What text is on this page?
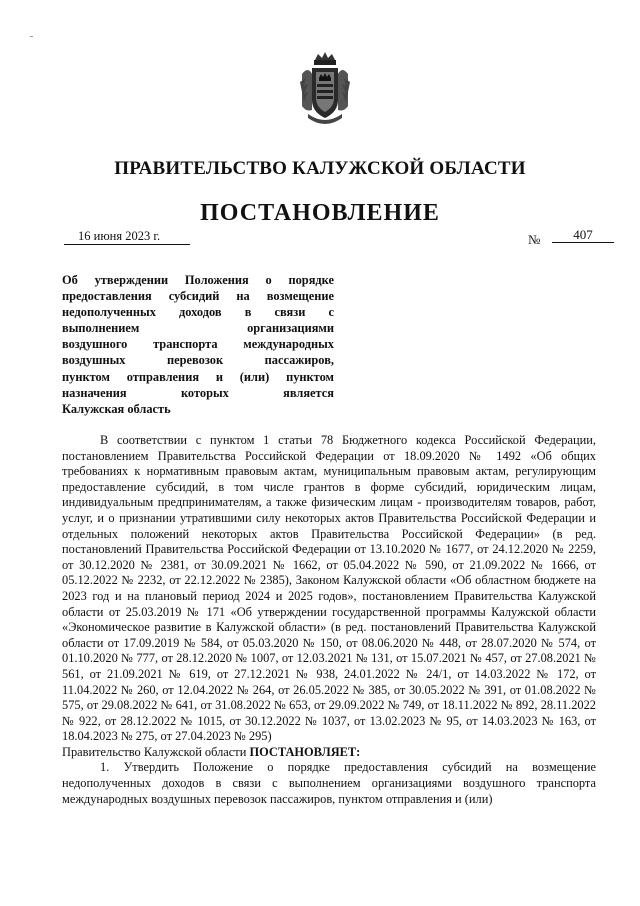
ПРАВИТЕЛЬСТВО КАЛУЖСКОЙ ОБЛАСТИ
ПОСТАНОВЛЕНИЕ
16 июня 2023 г.	№	407
Об утверждении Положения о порядке
предоставления субсидий на возмещение
недополученных доходов в связи с
выполнением организациями
воздушного транспорта международных
воздушных перевозок пассажиров,
пунктом отправления и (или) пунктом
назначения которых является
Калужская область

В соответствии с пунктом 1 статьи 78 Бюджетного кодекса Российской Федерации, постановлением Правительства Российской Федерации от 18.09.2020 № 1492 «Об общих требованиях к нормативным правовым актам, муниципальным правовым актам, регулирующим предоставление субсидий, в том числе грантов в форме субсидий, юридическим лицам, индивидуальным предпринимателям, а также физическим лицам - производителям товаров, работ, услуг, и о признании утратившими силу некоторых актов Правительства Российской Федерации и отдельных положений некоторых актов Правительства Российской Федерации» (в ред. постановлений Правительства Российской Федерации от 13.10.2020 № 1677, от 24.12.2020 № 2259, от 30.12.2020 № 2381, от 30.09.2021 № 1662, от 05.04.2022 № 590, от 21.09.2022 № 1666, от 05.12.2022 № 2232, от 22.12.2022 № 2385), Законом Калужской области «Об областном бюджете на 2023 год и на плановый период 2024 и 2025 годов», постановлением Правительства Калужской области от 25.03.2019 № 171 «Об утверждении государственной программы Калужской области «Экономическое развитие в Калужской области» (в ред. постановлений Правительства Калужской области от 17.09.2019 № 584, от 05.03.2020 № 150, от 08.06.2020 № 448, от 28.07.2020 № 574, от 01.10.2020 № 777, от 28.12.2020 № 1007, от 12.03.2021 № 131, от 15.07.2021 № 457, от 27.08.2021 № 561, от 21.09.2021 № 619, от 27.12.2021 № 938, 24.01.2022 № 24/1, от 14.03.2022 № 172, от 11.04.2022 № 260, от 12.04.2022 № 264, от 26.05.2022 № 385, от 30.05.2022 № 391, от 01.08.2022 № 575, от 29.08.2022 № 641, от 31.08.2022 № 653, от 29.09.2022 № 749, от 18.11.2022 № 892, 28.11.2022 № 922, от 28.12.2022 № 1015, от 30.12.2022 № 1037, от 13.02.2023 № 95, от 14.03.2023 № 163, от 18.04.2023 № 275, от 27.04.2023 № 295)

Правительство Калужской области ПОСТАНОВЛЯЕТ:

1. Утвердить Положение о порядке предоставления субсидий на возмещение недополученных доходов в связи с выполнением организациями воздушного транспорта международных воздушных перевозок пассажиров, пунктом отправления и (или)
